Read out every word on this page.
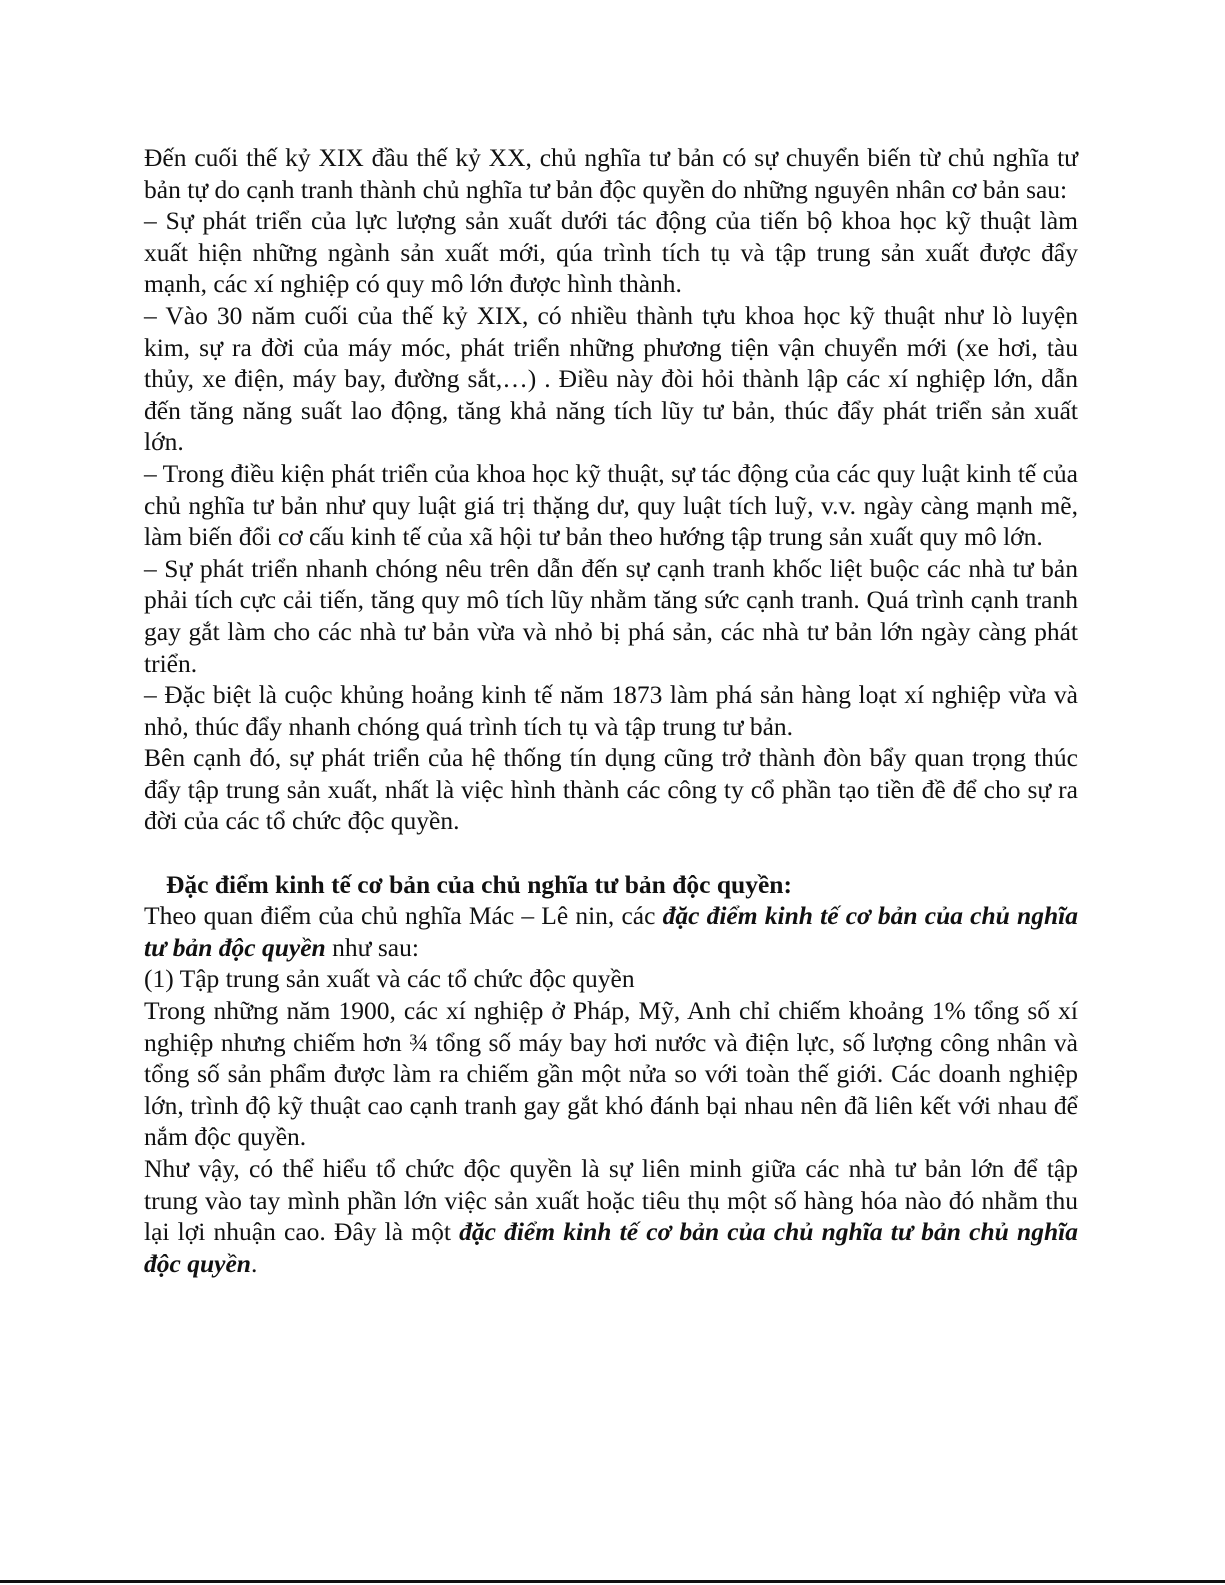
Đến cuối thế kỷ XIX đầu thế kỷ XX, chủ nghĩa tư bản có sự chuyển biến từ chủ nghĩa tư bản tự do cạnh tranh thành chủ nghĩa tư bản độc quyền do những nguyên nhân cơ bản sau:

– Sự phát triển của lực lượng sản xuất dưới tác động của tiến bộ khoa học kỹ thuật làm xuất hiện những ngành sản xuất mới, qúa trình tích tụ và tập trung sản xuất được đẩy mạnh, các xí nghiệp có quy mô lớn được hình thành.

– Vào 30 năm cuối của thế kỷ XIX, có nhiều thành tựu khoa học kỹ thuật như lò luyện kim, sự ra đời của máy móc, phát triển những phương tiện vận chuyển mới (xe hơi, tàu thủy, xe điện, máy bay, đường sắt,…) . Điều này đòi hỏi thành lập các xí nghiệp lớn, dẫn đến tăng năng suất lao động, tăng khả năng tích lũy tư bản, thúc đẩy phát triển sản xuất lớn.

– Trong điều kiện phát triển của khoa học kỹ thuật, sự tác động của các quy luật kinh tế của chủ nghĩa tư bản như quy luật giá trị thặng dư, quy luật tích luỹ, v.v. ngày càng mạnh mẽ, làm biến đổi cơ cấu kinh tế của xã hội tư bản theo hướng tập trung sản xuất quy mô lớn.

– Sự phát triển nhanh chóng nêu trên dẫn đến sự cạnh tranh khốc liệt buộc các nhà tư bản phải tích cực cải tiến, tăng quy mô tích lũy nhằm tăng sức cạnh tranh. Quá trình cạnh tranh gay gắt làm cho các nhà tư bản vừa và nhỏ bị phá sản, các nhà tư bản lớn ngày càng phát triển.

– Đặc biệt là cuộc khủng hoảng kinh tế năm 1873 làm phá sản hàng loạt xí nghiệp vừa và nhỏ, thúc đẩy nhanh chóng quá trình tích tụ và tập trung tư bản.

Bên cạnh đó, sự phát triển của hệ thống tín dụng cũng trở thành đòn bẩy quan trọng thúc đẩy tập trung sản xuất, nhất là việc hình thành các công ty cổ phần tạo tiền đề để cho sự ra đời của các tổ chức độc quyền.

Đặc điểm kinh tế cơ bản của chủ nghĩa tư bản độc quyền:

Theo quan điểm của chủ nghĩa Mác – Lê nin, các đặc điểm kinh tế cơ bản của chủ nghĩa tư bản độc quyền như sau:

(1) Tập trung sản xuất và các tổ chức độc quyền

Trong những năm 1900, các xí nghiệp ở Pháp, Mỹ, Anh chỉ chiếm khoảng 1% tổng số xí nghiệp nhưng chiếm hơn ¾ tổng số máy bay hơi nước và điện lực, số lượng công nhân và tổng số sản phẩm được làm ra chiếm gần một nửa so với toàn thế giới. Các doanh nghiệp lớn, trình độ kỹ thuật cao cạnh tranh gay gắt khó đánh bại nhau nên đã liên kết với nhau để nắm độc quyền.

Như vậy, có thể hiểu tổ chức độc quyền là sự liên minh giữa các nhà tư bản lớn để tập trung vào tay mình phần lớn việc sản xuất hoặc tiêu thụ một số hàng hóa nào đó nhằm thu lại lợi nhuận cao. Đây là một đặc điểm kinh tế cơ bản của chủ nghĩa tư bản chủ nghĩa độc quyền.
